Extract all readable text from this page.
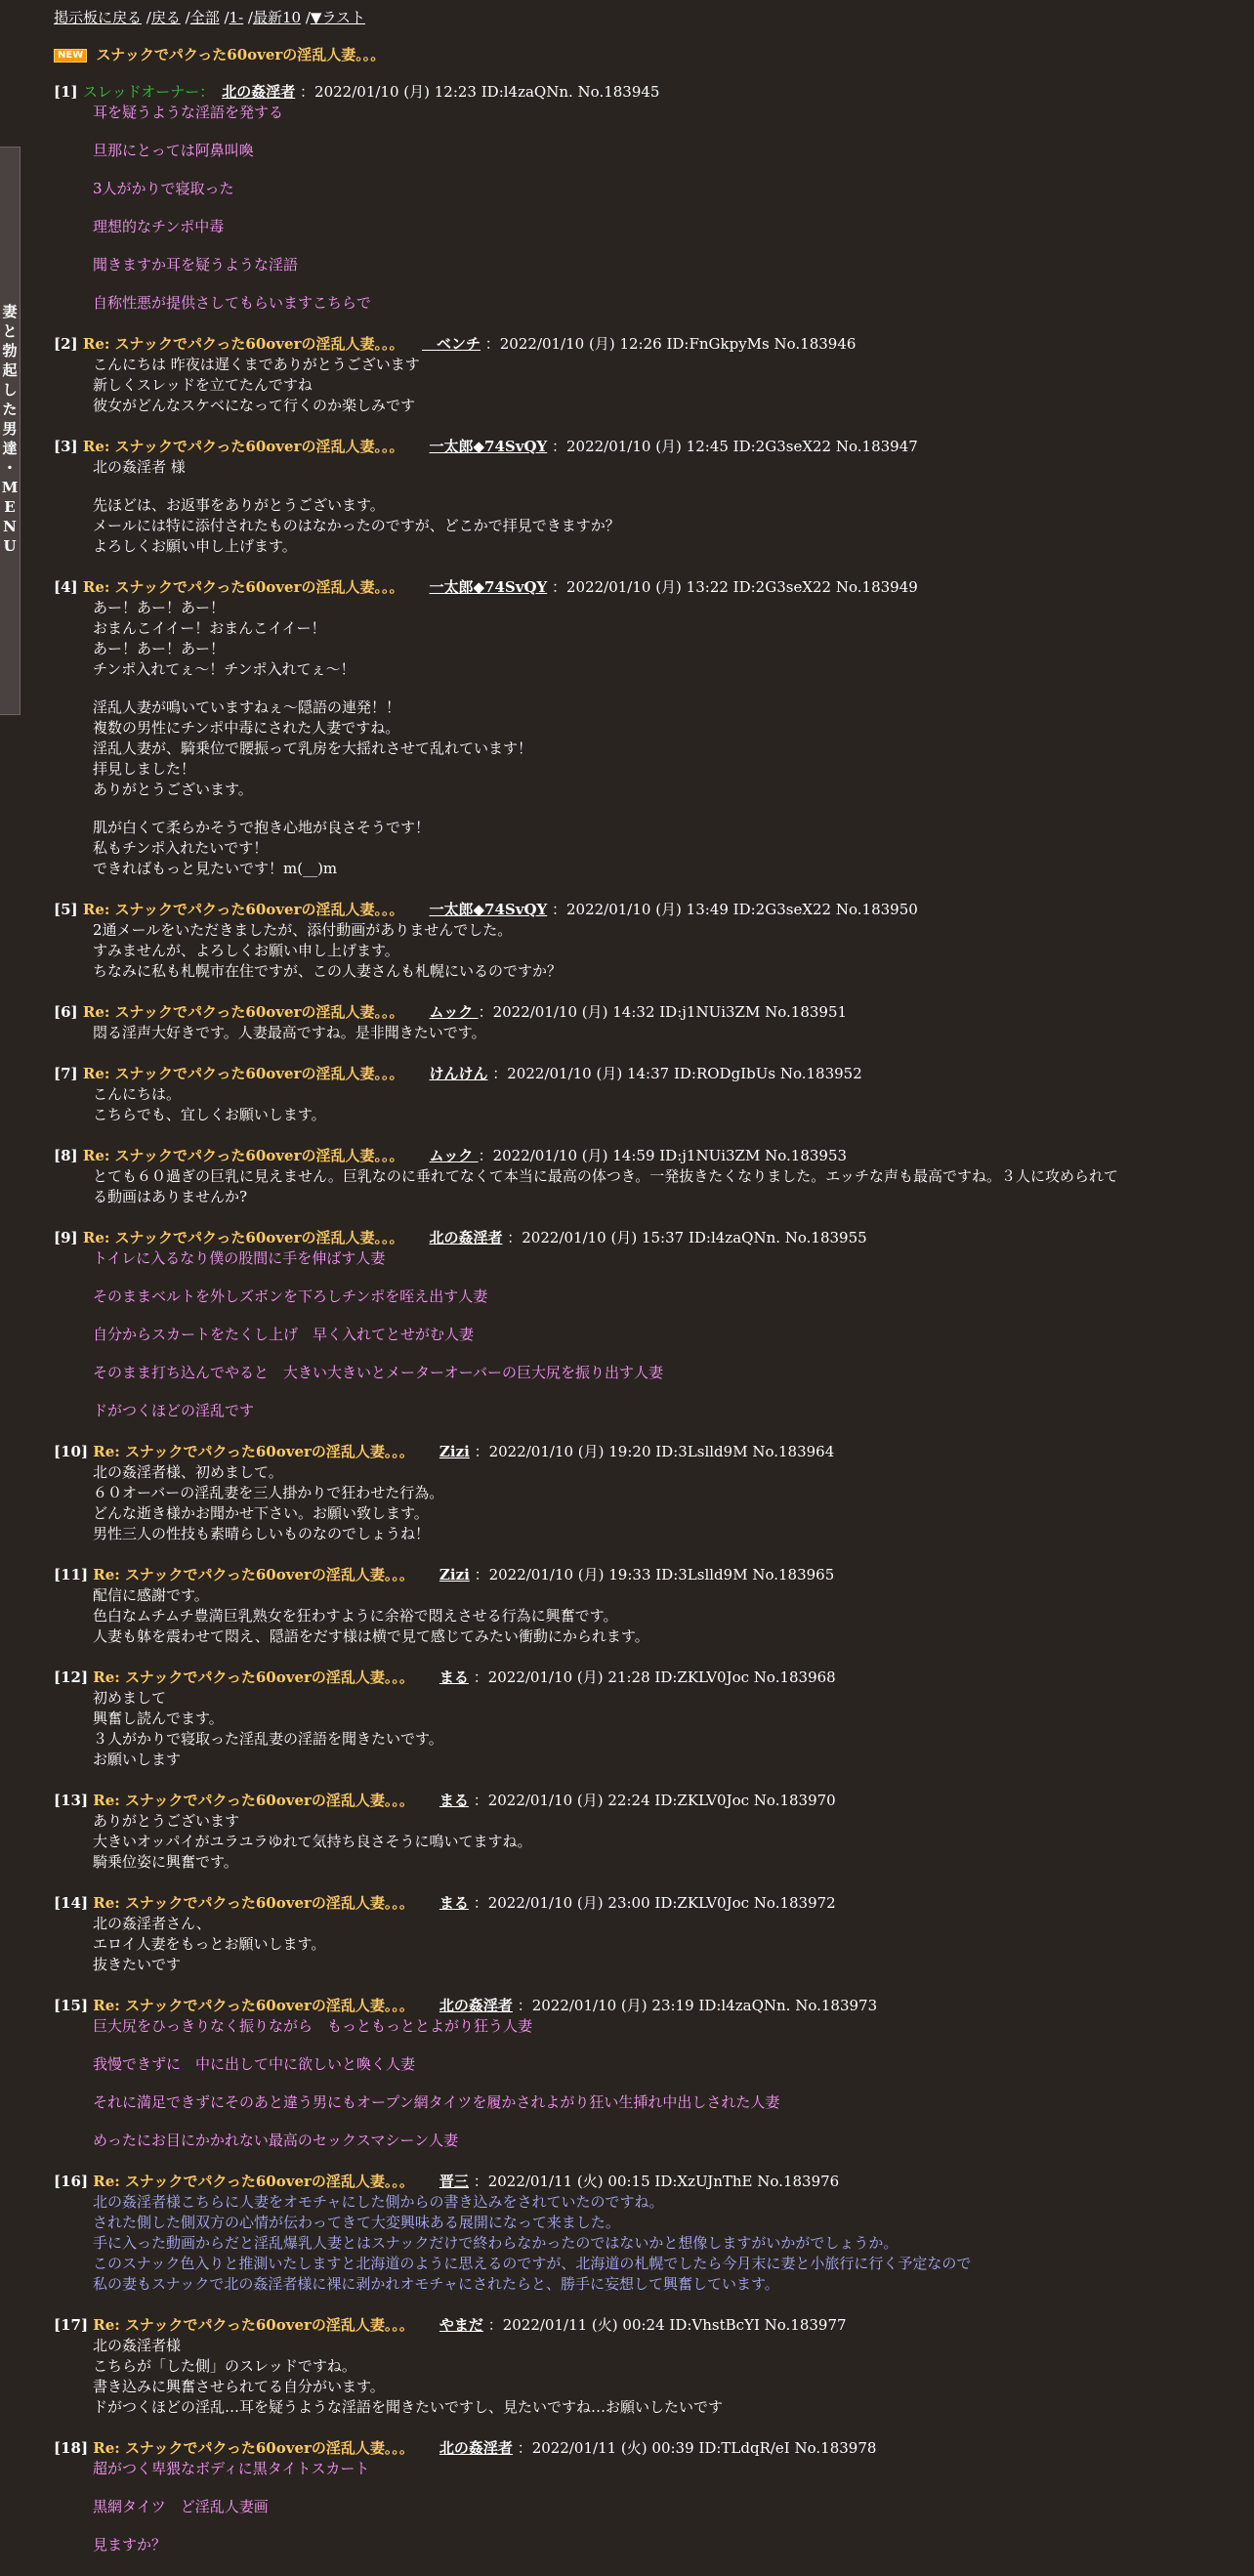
妻
と
勃
起
し
た
男
達
・
M
E
N
U
掲示板に戻る /戻る /全部 /1- /最新10 /▼ラスト
NEW スナックでパクった60overの淫乱人妻。。。
[1] スレッドオーナー： 北の姦淫者 ：2022/01/10 (月) 12:23 ID:l4zaQNn. No.183945
耳を疑うような淫語を発する

旦那にとっては阿鼻叫喚

3人がかりで寝取った

理想的なチンポ中毒

聞きますか耳を疑うような淫語

自称性悪が提供さしてもらいますこちらで
[2] Re: スナックでパクった60overの淫乱人妻。。。　ベンチ ：2022/01/10 (月) 12:26 ID:FnGkpyMs No.183946
こんにちは 昨夜は遅くまでありがとうございます
新しくスレッドを立てたんですね
彼女がどんなスケベになって行くのか楽しみです
[3] Re: スナックでパクった60overの淫乱人妻。。。 一太郎◆74SvQY ：2022/01/10 (月) 12:45 ID:2G3seX22 No.183947
北の姦淫者 様

先ほどは、お返事をありがとうございます。
メールには特に添付されたものはなかったのですが、どこかで拝見できますか？
よろしくお願い申し上げます。
[4] Re: スナックでパクった60overの淫乱人妻。。。 一太郎◆74SvQY ：2022/01/10 (月) 13:22 ID:2G3seX22 No.183949
あー！あー！あー！
おまんこイイー！おまんこイイー！
あー！あー！あー！
チンポ入れてぇ～！チンポ入れてぇ～！

淫乱人妻が鳴いていますねぇ～隠語の連発！！
複数の男性にチンポ中毒にされた人妻ですね。
淫乱人妻が、騎乗位で腰振って乳房を大揺れさせて乱れています！
拝見しました！
ありがとうございます。

肌が白くて柔らかそうで抱き心地が良さそうです！
私もチンポ入れたいです！
できればもっと見たいです！m(__)m
[5] Re: スナックでパクった60overの淫乱人妻。。。 一太郎◆74SvQY ：2022/01/10 (月) 13:49 ID:2G3seX22 No.183950
2通メールをいただきましたが、添付動画がありませんでした。
すみませんが、よろしくお願い申し上げます。
ちなみに私も札幌市在住ですが、この人妻さんも札幌にいるのですか？
[6] Re: スナックでパクった60overの淫乱人妻。。。 ムック ：2022/01/10 (月) 14:32 ID:j1NUi3ZM No.183951
悶る淫声大好きです。人妻最高ですね。是非聞きたいです。
[7] Re: スナックでパクった60overの淫乱人妻。。。 けんけん ：2022/01/10 (月) 14:37 ID:RODgIbUs No.183952
こんにちは。
こちらでも、宜しくお願いします。
[8] Re: スナックでパクった60overの淫乱人妻。。。 ムック ：2022/01/10 (月) 14:59 ID:j1NUi3ZM No.183953
とても６０過ぎの巨乳に見えません。巨乳なのに垂れてなくて本当に最高の体つき。一発抜きたくなりました。エッチな声も最高ですね。３人に攻められて
る動画はありませんか?
[9] Re: スナックでパクった60overの淫乱人妻。。。 北の姦淫者 ：2022/01/10 (月) 15:37 ID:l4zaQNn. No.183955
トイレに入るなり僕の股間に手を伸ばす人妻

そのままベルトを外しズボンを下ろしチンポを咥え出す人妻

自分からスカートをたくし上げ　早く入れてとせがむ人妻

そのまま打ち込んでやると　大きい大きいとメーターオーバーの巨大尻を振り出す人妻

ドがつくほどの淫乱です
[10] Re: スナックでパクった60overの淫乱人妻。。。 Zizi ：2022/01/10 (月) 19:20 ID:3Lslld9M No.183964
北の姦淫者様、初めまして。
６０オーバーの淫乱妻を三人掛かりで狂わせた行為。
どんな逝き様かお聞かせ下さい。お願い致します。
男性三人の性技も素晴らしいものなのでしょうね！
[11] Re: スナックでパクった60overの淫乱人妻。。。 Zizi ：2022/01/10 (月) 19:33 ID:3Lslld9M No.183965
配信に感謝です。
色白なムチムチ豊満巨乳熟女を狂わすように余裕で悶えさせる行為に興奮です。
人妻も躰を震わせて悶え、隠語をだす様は横で見て感じてみたい衝動にかられます。
[12] Re: スナックでパクった60overの淫乱人妻。。。 まる ：2022/01/10 (月) 21:28 ID:ZKLV0Joc No.183968
初めまして
興奮し読んでます。
３人がかりで寝取った淫乱妻の淫語を聞きたいです。
お願いします
[13] Re: スナックでパクった60overの淫乱人妻。。。 まる ：2022/01/10 (月) 22:24 ID:ZKLV0Joc No.183970
ありがとうございます
大きいオッパイがユラユラゆれて気持ち良さそうに鳴いてますね。
騎乗位姿に興奮です。
[14] Re: スナックでパクった60overの淫乱人妻。。。 まる ：2022/01/10 (月) 23:00 ID:ZKLV0Joc No.183972
北の姦淫者さん、
エロイ人妻をもっとお願いします。
抜きたいです
[15] Re: スナックでパクった60overの淫乱人妻。。。 北の姦淫者 ：2022/01/10 (月) 23:19 ID:l4zaQNn. No.183973
巨大尻をひっきりなく振りながら　もっともっととよがり狂う人妻

我慢できずに　中に出して中に欲しいと喚く人妻

それに満足できずにそのあと違う男にもオープン網タイツを履かされよがり狂い生挿れ中出しされた人妻

めったにお目にかかれない最高のセックスマシーン人妻
[16] Re: スナックでパクった60overの淫乱人妻。。。 晋三 ：2022/01/11 (火) 00:15 ID:XzUJnThE No.183976
北の姦淫者様こちらに人妻をオモチャにした側からの書き込みをされていたのですね。
された側した側双方の心情が伝わってきて大変興味ある展開になって来ました。
手に入った動画からだと淫乱爆乳人妻とはスナックだけで終わらなかったのではないかと想像しますがいかがでしょうか。
このスナック色入りと推測いたしますと北海道のように思えるのですが、北海道の札幌でしたら今月末に妻と小旅行に行く予定なので
私の妻もスナックで北の姦淫者様に裸に剥かれオモチャにされたらと、勝手に妄想して興奮しています。
[17] Re: スナックでパクった60overの淫乱人妻。。。 やまだ ：2022/01/11 (火) 00:24 ID:VhstBcYI No.183977
北の姦淫者様
こちらが「した側」のスレッドですね。
書き込みに興奮させられてる自分がいます。
ドがつくほどの淫乱…耳を疑うような淫語を聞きたいですし、見たいですね…お願いしたいです
[18] Re: スナックでパクった60overの淫乱人妻。。。 北の姦淫者 ：2022/01/11 (火) 00:39 ID:TLdqR/eI No.183978
超がつく卑猥なボディに黒タイトスカート

黒網タイツ　ど淫乱人妻画

見ますか？
